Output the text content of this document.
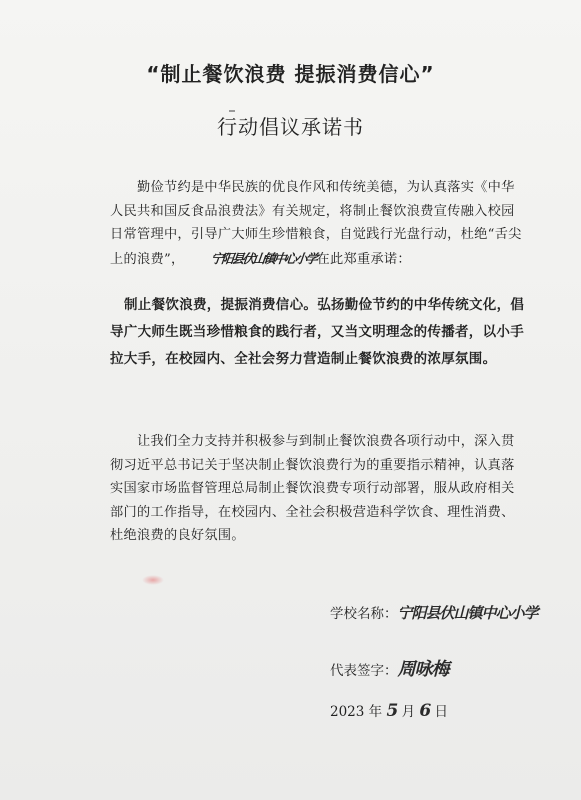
“制止餐饮浪费 提振消费信心”
行动倡议承诺书

勤俭节约是中华民族的优良作风和传统美德，为认真落实《中华人民共和国反食品浪费法》有关规定，将制止餐饮浪费宣传融入校园日常管理中，引导广大师生珍惜粮食，自觉践行光盘行动，杜绝“舌尖上的浪费”， 宁阳县伏山镇中心小学在此郑重承诺：

制止餐饮浪费，提振消费信心。弘扬勤俭节约的中华传统文化，倡导广大师生既当珍惜粮食的践行者，又当文明理念的传播者，以小手拉大手，在校园内、全社会努力营造制止餐饮浪费的浓厚氛围。

让我们全力支持并积极参与到制止餐饮浪费各项行动中，深入贯彻习近平总书记关于坚决制止餐饮浪费行为的重要指示精神，认真落实国家市场监督管理总局制止餐饮浪费专项行动部署，服从政府相关部门的工作指导，在校园内、全社会积极营造科学饮食、理性消费、杜绝浪费的良好氛围。

学校名称：宁阳县伏山镇中心小学
代表签字：周咏梅
2023 年 5 月 6 日
